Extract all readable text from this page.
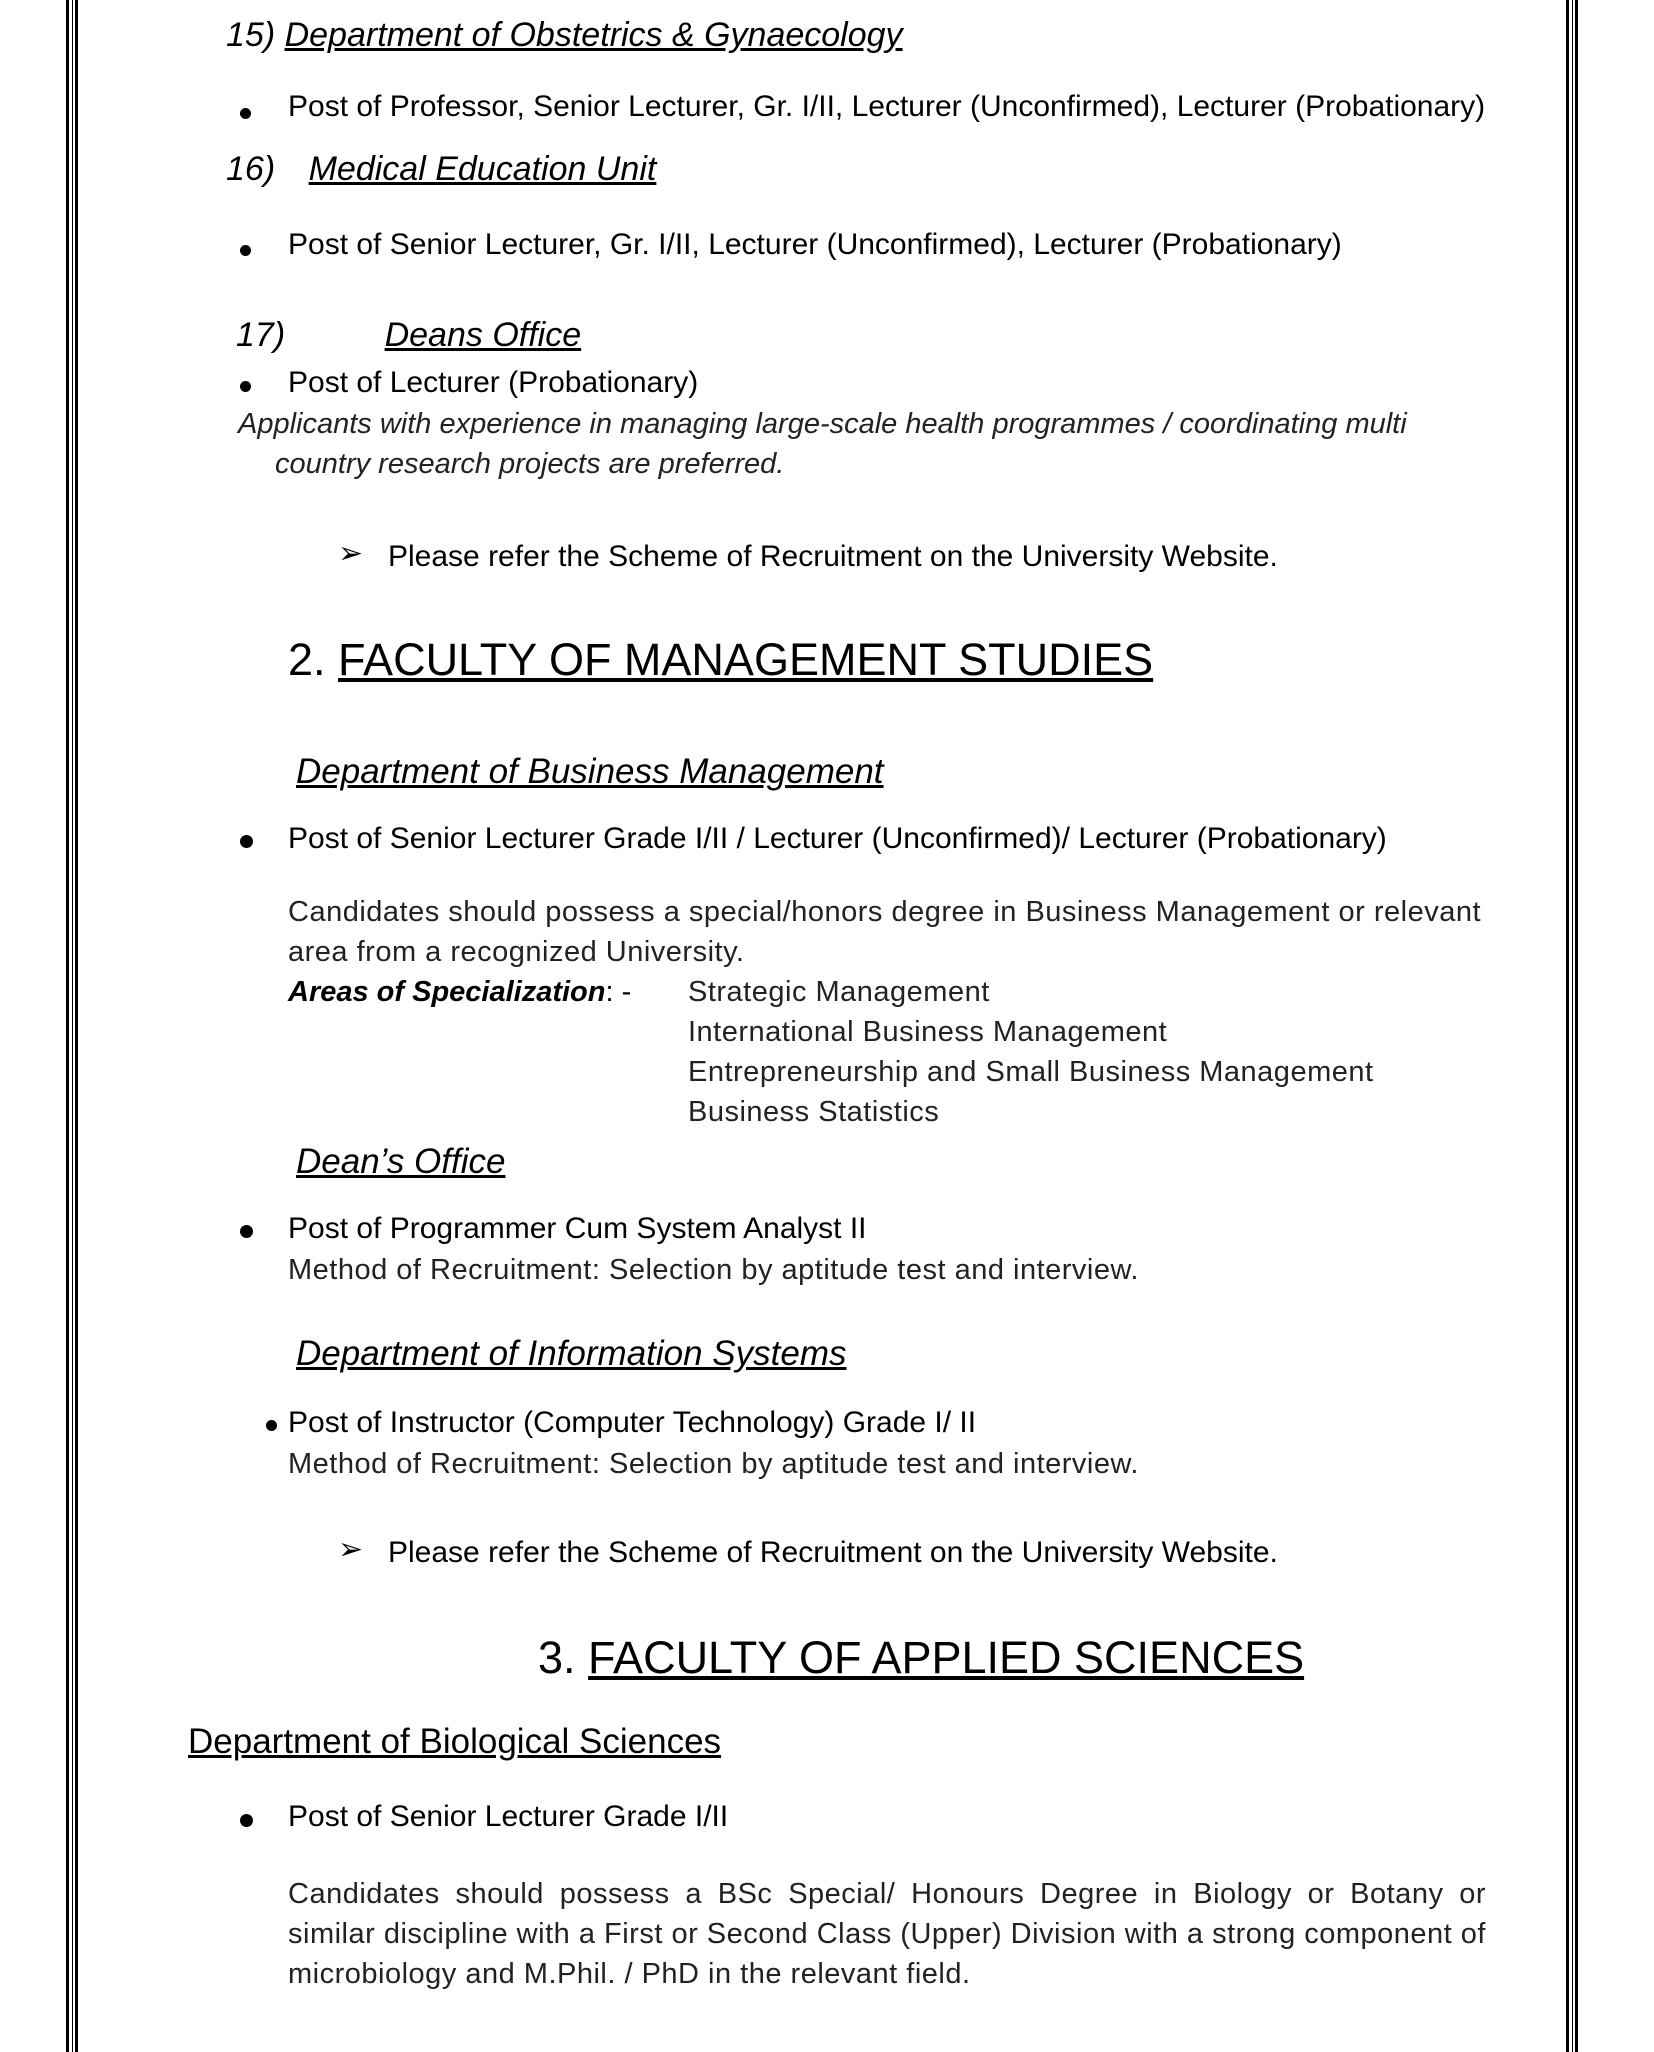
15) Department of Obstetrics & Gynaecology
Post of Professor, Senior Lecturer, Gr. I/II, Lecturer (Unconfirmed), Lecturer (Probationary)
16) Medical Education Unit
Post of Senior Lecturer, Gr. I/II, Lecturer (Unconfirmed), Lecturer (Probationary)
17)	Deans Office
Post of Lecturer (Probationary)
Applicants with experience in managing large-scale health programmes / coordinating multi
country research projects are preferred.
➢ Please refer the Scheme of Recruitment on the University Website.
2. FACULTY OF MANAGEMENT STUDIES
Department of Business Management
Post of Senior Lecturer Grade I/II / Lecturer (Unconfirmed)/ Lecturer (Probationary)
Candidates should possess a special/honors degree in Business Management or relevant
area from a recognized University.
Areas of Specialization: - Strategic Management
International Business Management
Entrepreneurship and Small Business Management
Business Statistics
Dean’s Office
Post of Programmer Cum System Analyst II
Method of Recruitment: Selection by aptitude test and interview.
Department of Information Systems
Post of Instructor (Computer Technology) Grade I/ II
Method of Recruitment: Selection by aptitude test and interview.
➢ Please refer the Scheme of Recruitment on the University Website.
3. FACULTY OF APPLIED SCIENCES
Department of Biological Sciences
Post of Senior Lecturer Grade I/II
Candidates should possess a BSc Special/ Honours Degree in Biology or Botany or similar discipline with a First or Second Class (Upper) Division with a strong component of microbiology and M.Phil. / PhD in the relevant field.
